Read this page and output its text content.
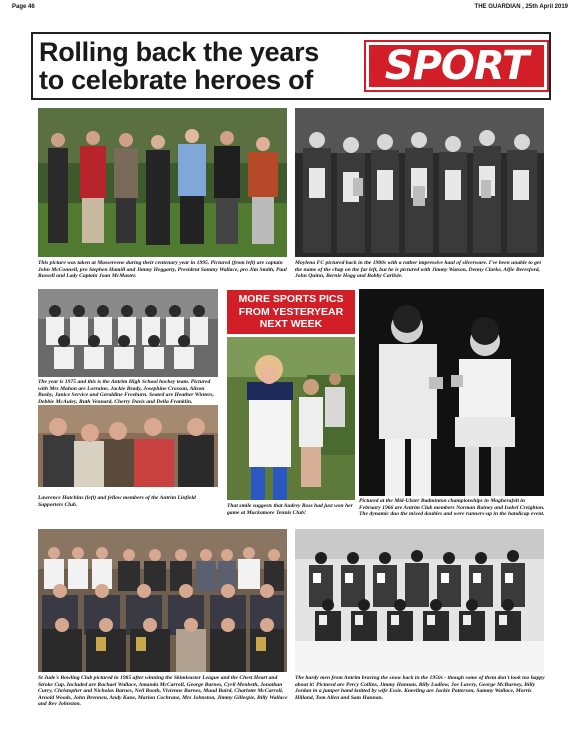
Page 46	THE GUARDIAN , 25th April 2019
Rolling back the years
to celebrate heroes of SPORT
This picture was taken at Massereene during their centenary year in 1995. Pictured (from left) are captain John McConnell, pro Stephen Hamill and Jimmy Heggarty, President Sammy Wallace, pro Jim Smith, Paul Russell and Lady Captain Joan McMaster.
Moylena FC pictured back in the 1980s with a rather impressive haul of silverware. I've been unable to get the name of the chap on the far left, but he is pictured with Jimmy Watson, Denny Clarke, Alfie Beresford, John Quinn, Bernie Hogg and Bobby Carlisle.
The year is 1975 and this is the Antrim High School hockey team. Pictured with Mrs Mahon are Lorraine, Jackie Brady, Josephine Crossan, Alison Busby, Janice Service and Geraldine Freeburn. Seated are Heather Winters, Debbie McAuley, Ruth Vennard, Cherry Davis and Della Franklin.
Lawrence Hutchins (left) and fellow members of the Antrim Linfield Supporters Club.
MORE SPORTS PICS
FROM YESTERYEAR
NEXT WEEK
That smile suggests that Audrey Ross had just won her game at Muckamore Tennis Club!
Pictured at the Mid-Ulster Badminton championships in Magherafelt in February 1966 are Antrim Club members Norman Rainey and Isobel Creighton. The dynamic duo the mixed doubles and were runners-up in the handicap event.
St Jude's Bowling Club pictured in 1985 after winning the Skimleaster League and the Chest Heart and Stroke Cup. Included are Rachael Wallace, Amanda McCarroll, George Barnes, Cyril Menbeth, Jonathan Curry, Christopher and Nicholas Barnes, Neil Booth, Vivienne Barnes, Maud Baird, Charlotte McCarroll, Arnold Woods, John Brennen, Andy Kane, Marion Cochrane, Mrs Johnston, Jimmy Gillespie, Billy Wallace and Rev Johnston.
The hardy men from Antrim braving the snow back in the 1950s - though some of them don't look too happy about it! Pictured are Percy Collins, Jimmy Hannan, Billy Ludlow, Joe Lavery, George McBurney, Billy Jordan in a jumper hand knitted by wife Essie. Kneeling are Jackie Patterson, Sammy Wallace, Morris Hilland, Tom Allen and Sam Hannan.
